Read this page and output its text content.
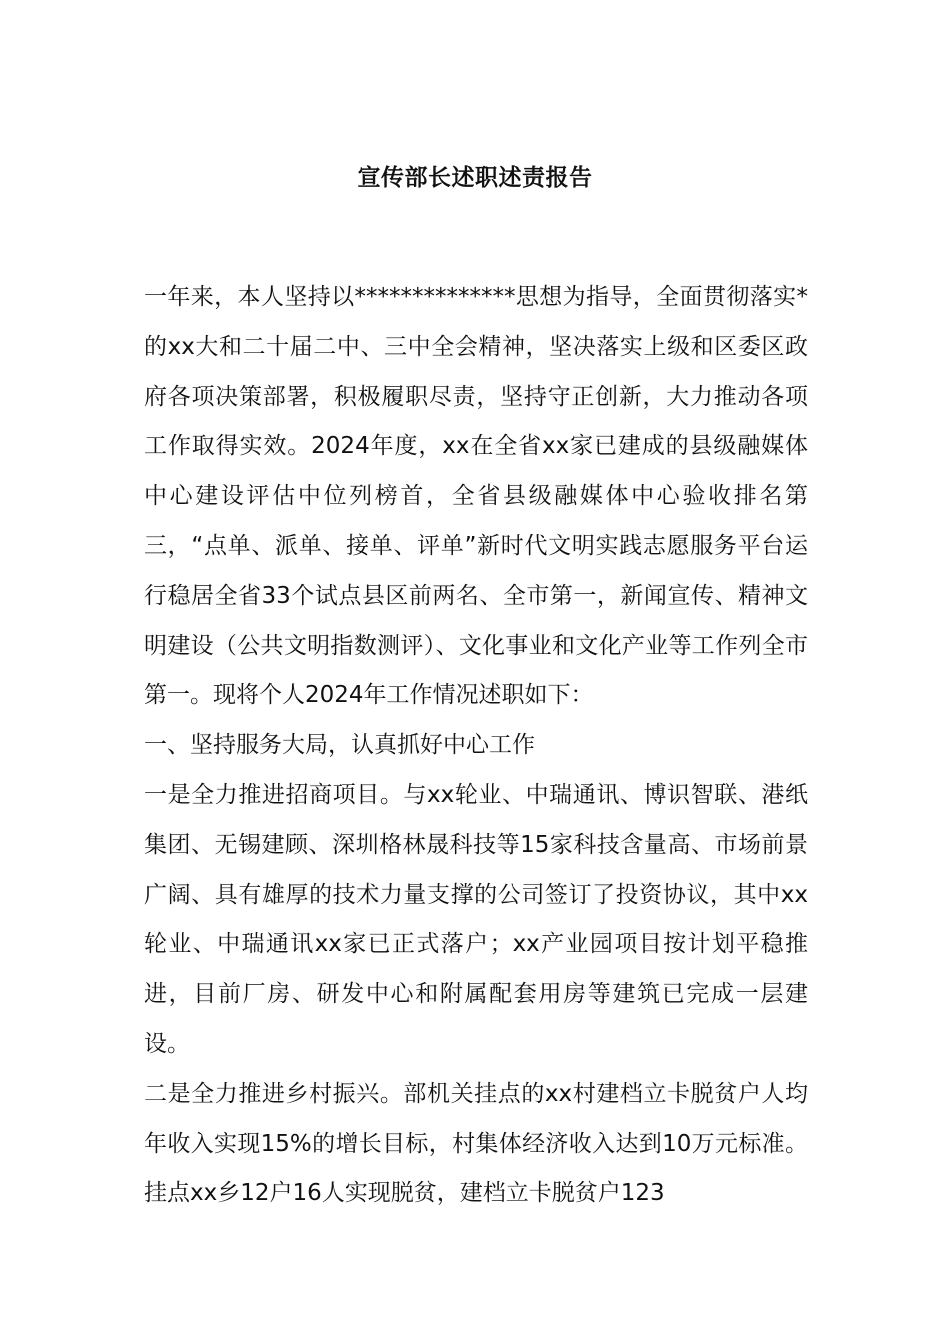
宣传部长述职述责报告

一年来，本人坚持以**************思想为指导，全面贯彻落实*的xx大和二十届二中、三中全会精神，坚决落实上级和区委区政府各项决策部署，积极履职尽责，坚持守正创新，大力推动各项工作取得实效。2024年度，xx在全省xx家已建成的县级融媒体中心建设评估中位列榜首，全省县级融媒体中心验收排名第三，“点单、派单、接单、评单”新时代文明实践志愿服务平台运行稳居全省33个试点县区前两名、全市第一，新闻宣传、精神文明建设（公共文明指数测评）、文化事业和文化产业等工作列全市第一。现将个人2024年工作情况述职如下：

一、坚持服务大局，认真抓好中心工作

一是全力推进招商项目。与xx轮业、中瑞通讯、博识智联、港纸集团、无锡建顾、深圳格林晟科技等15家科技含量高、市场前景广阔、具有雄厚的技术力量支撑的公司签订了投资协议，其中xx轮业、中瑞通讯xx家已正式落户；xx产业园项目按计划平稳推进，目前厂房、研发中心和附属配套用房等建筑已完成一层建设。

二是全力推进乡村振兴。部机关挂点的xx村建档立卡脱贫户人均年收入实现15%的增长目标，村集体经济收入达到10万元标准。挂点xx乡12户16人实现脱贫，建档立卡脱贫户123
